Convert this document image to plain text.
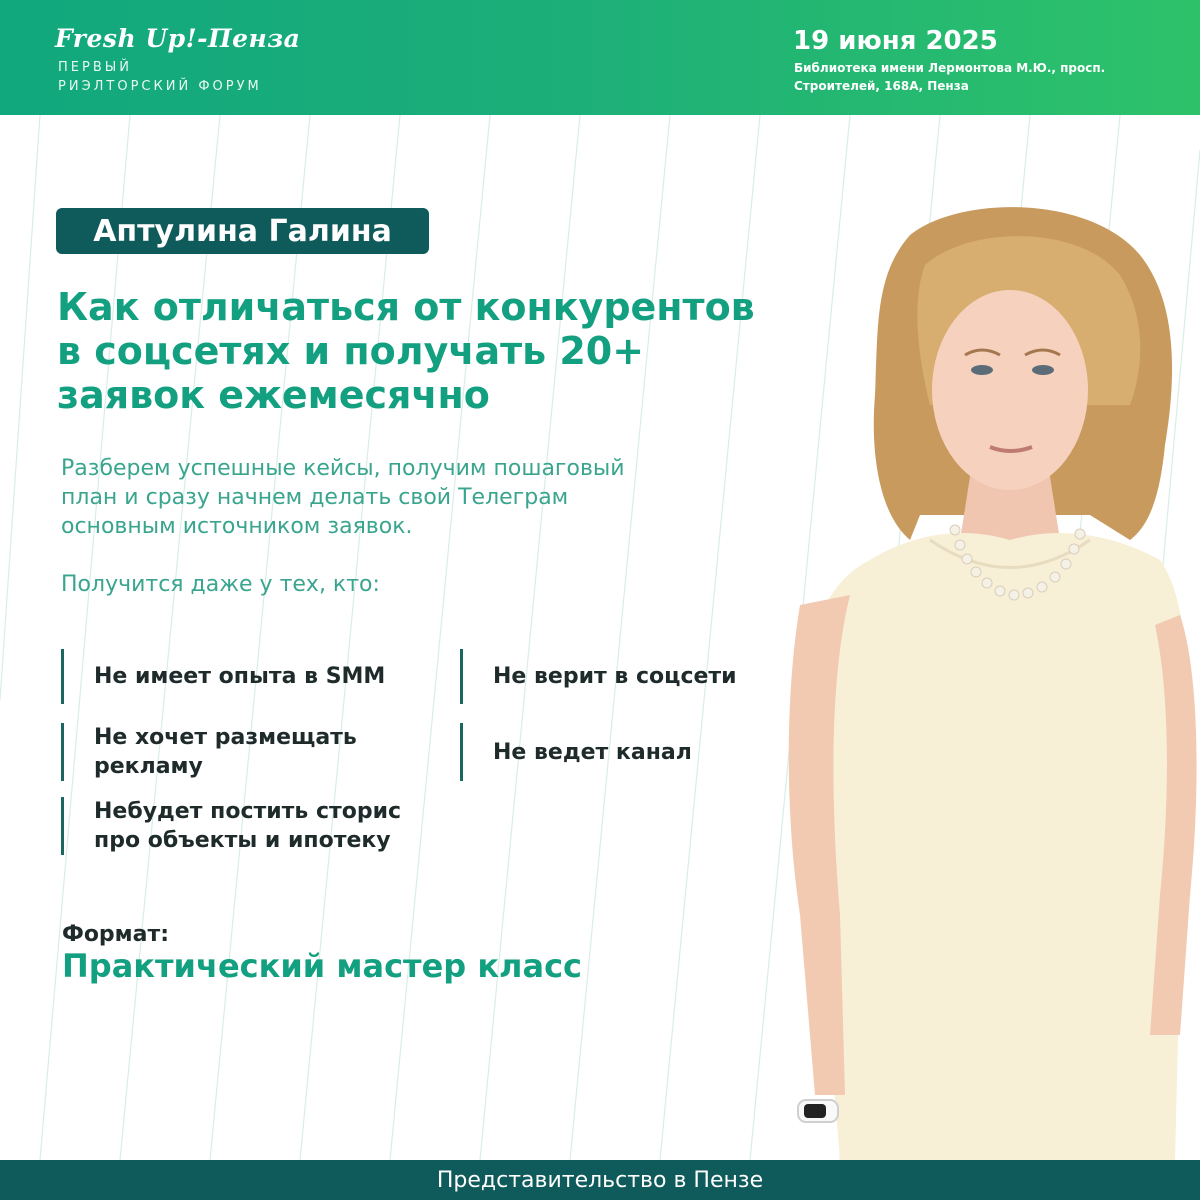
Fresh Up!-Пенза
ПЕРВЫЙ
РИЭЛТОРСКИЙ ФОРУМ
19 июня 2025
Библиотека имени Лермонтова М.Ю., просп.
Строителей, 168А, Пенза
Аптулина Галина
Как отличаться от конкурентов
в соцсетях и получать 20+
заявок ежемесячно
Разберем успешные кейсы, получим пошаговый
план и сразу начнем делать свой Телеграм
основным источником заявок.
Получится даже у тех, кто:
Не имеет опыта в SMM	Не верит в соцсети
Не хочет размещать
рекламу
Не ведет канал
Небудет постить сторис
про объекты и ипотеку
Формат:
Практический мастер класс
Представительство в Пензе
